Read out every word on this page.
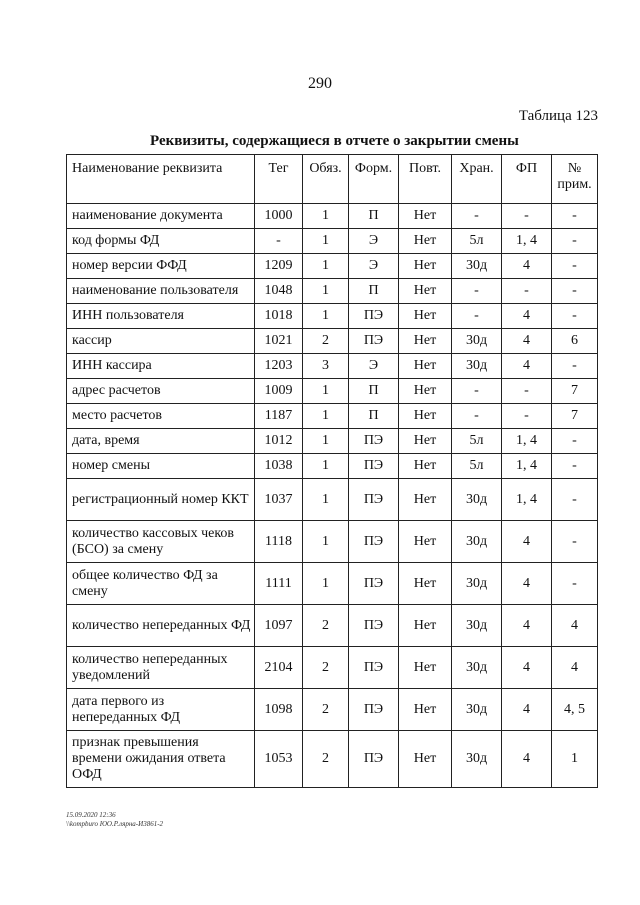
290
Таблица 123
Реквизиты, содержащиеся в отчете о закрытии смены
Наименование реквизита	Тег	Обяз.	Форм.	Повт.	Хран.	ФП	№ прим.
наименование документа	1000	1	П	Нет	-	-	-
код формы ФД	-	1	Э	Нет	5л	1, 4	-
номер версии ФФД	1209	1	Э	Нет	30д	4	-
наименование пользователя	1048	1	П	Нет	-	-	-
ИНН пользователя	1018	1	ПЭ	Нет	-	4	-
кассир	1021	2	ПЭ	Нет	30д	4	6
ИНН кассира	1203	3	Э	Нет	30д	4	-
адрес расчетов	1009	1	П	Нет	-	-	7
место расчетов	1187	1	П	Нет	-	-	7
дата, время	1012	1	ПЭ	Нет	5л	1, 4	-
номер смены	1038	1	ПЭ	Нет	5л	1, 4	-
регистрационный номер ККТ	1037	1	ПЭ	Нет	30д	1, 4	-
количество кассовых чеков (БСО) за смену	1118	1	ПЭ	Нет	30д	4	-
общее количество ФД за смену	1111	1	ПЭ	Нет	30д	4	-
количество непереданных ФД	1097	2	ПЭ	Нет	30д	4	4
количество непереданных уведомлений	2104	2	ПЭ	Нет	30д	4	4
дата первого из непереданных ФД	1098	2	ПЭ	Нет	30д	4	4, 5
признак превышения времени ожидания ответа ОФД	1053	2	ПЭ	Нет	30д	4	1
15.09.2020 12:36
\\kompburo ЮО.Р.лярна-И3861-2
